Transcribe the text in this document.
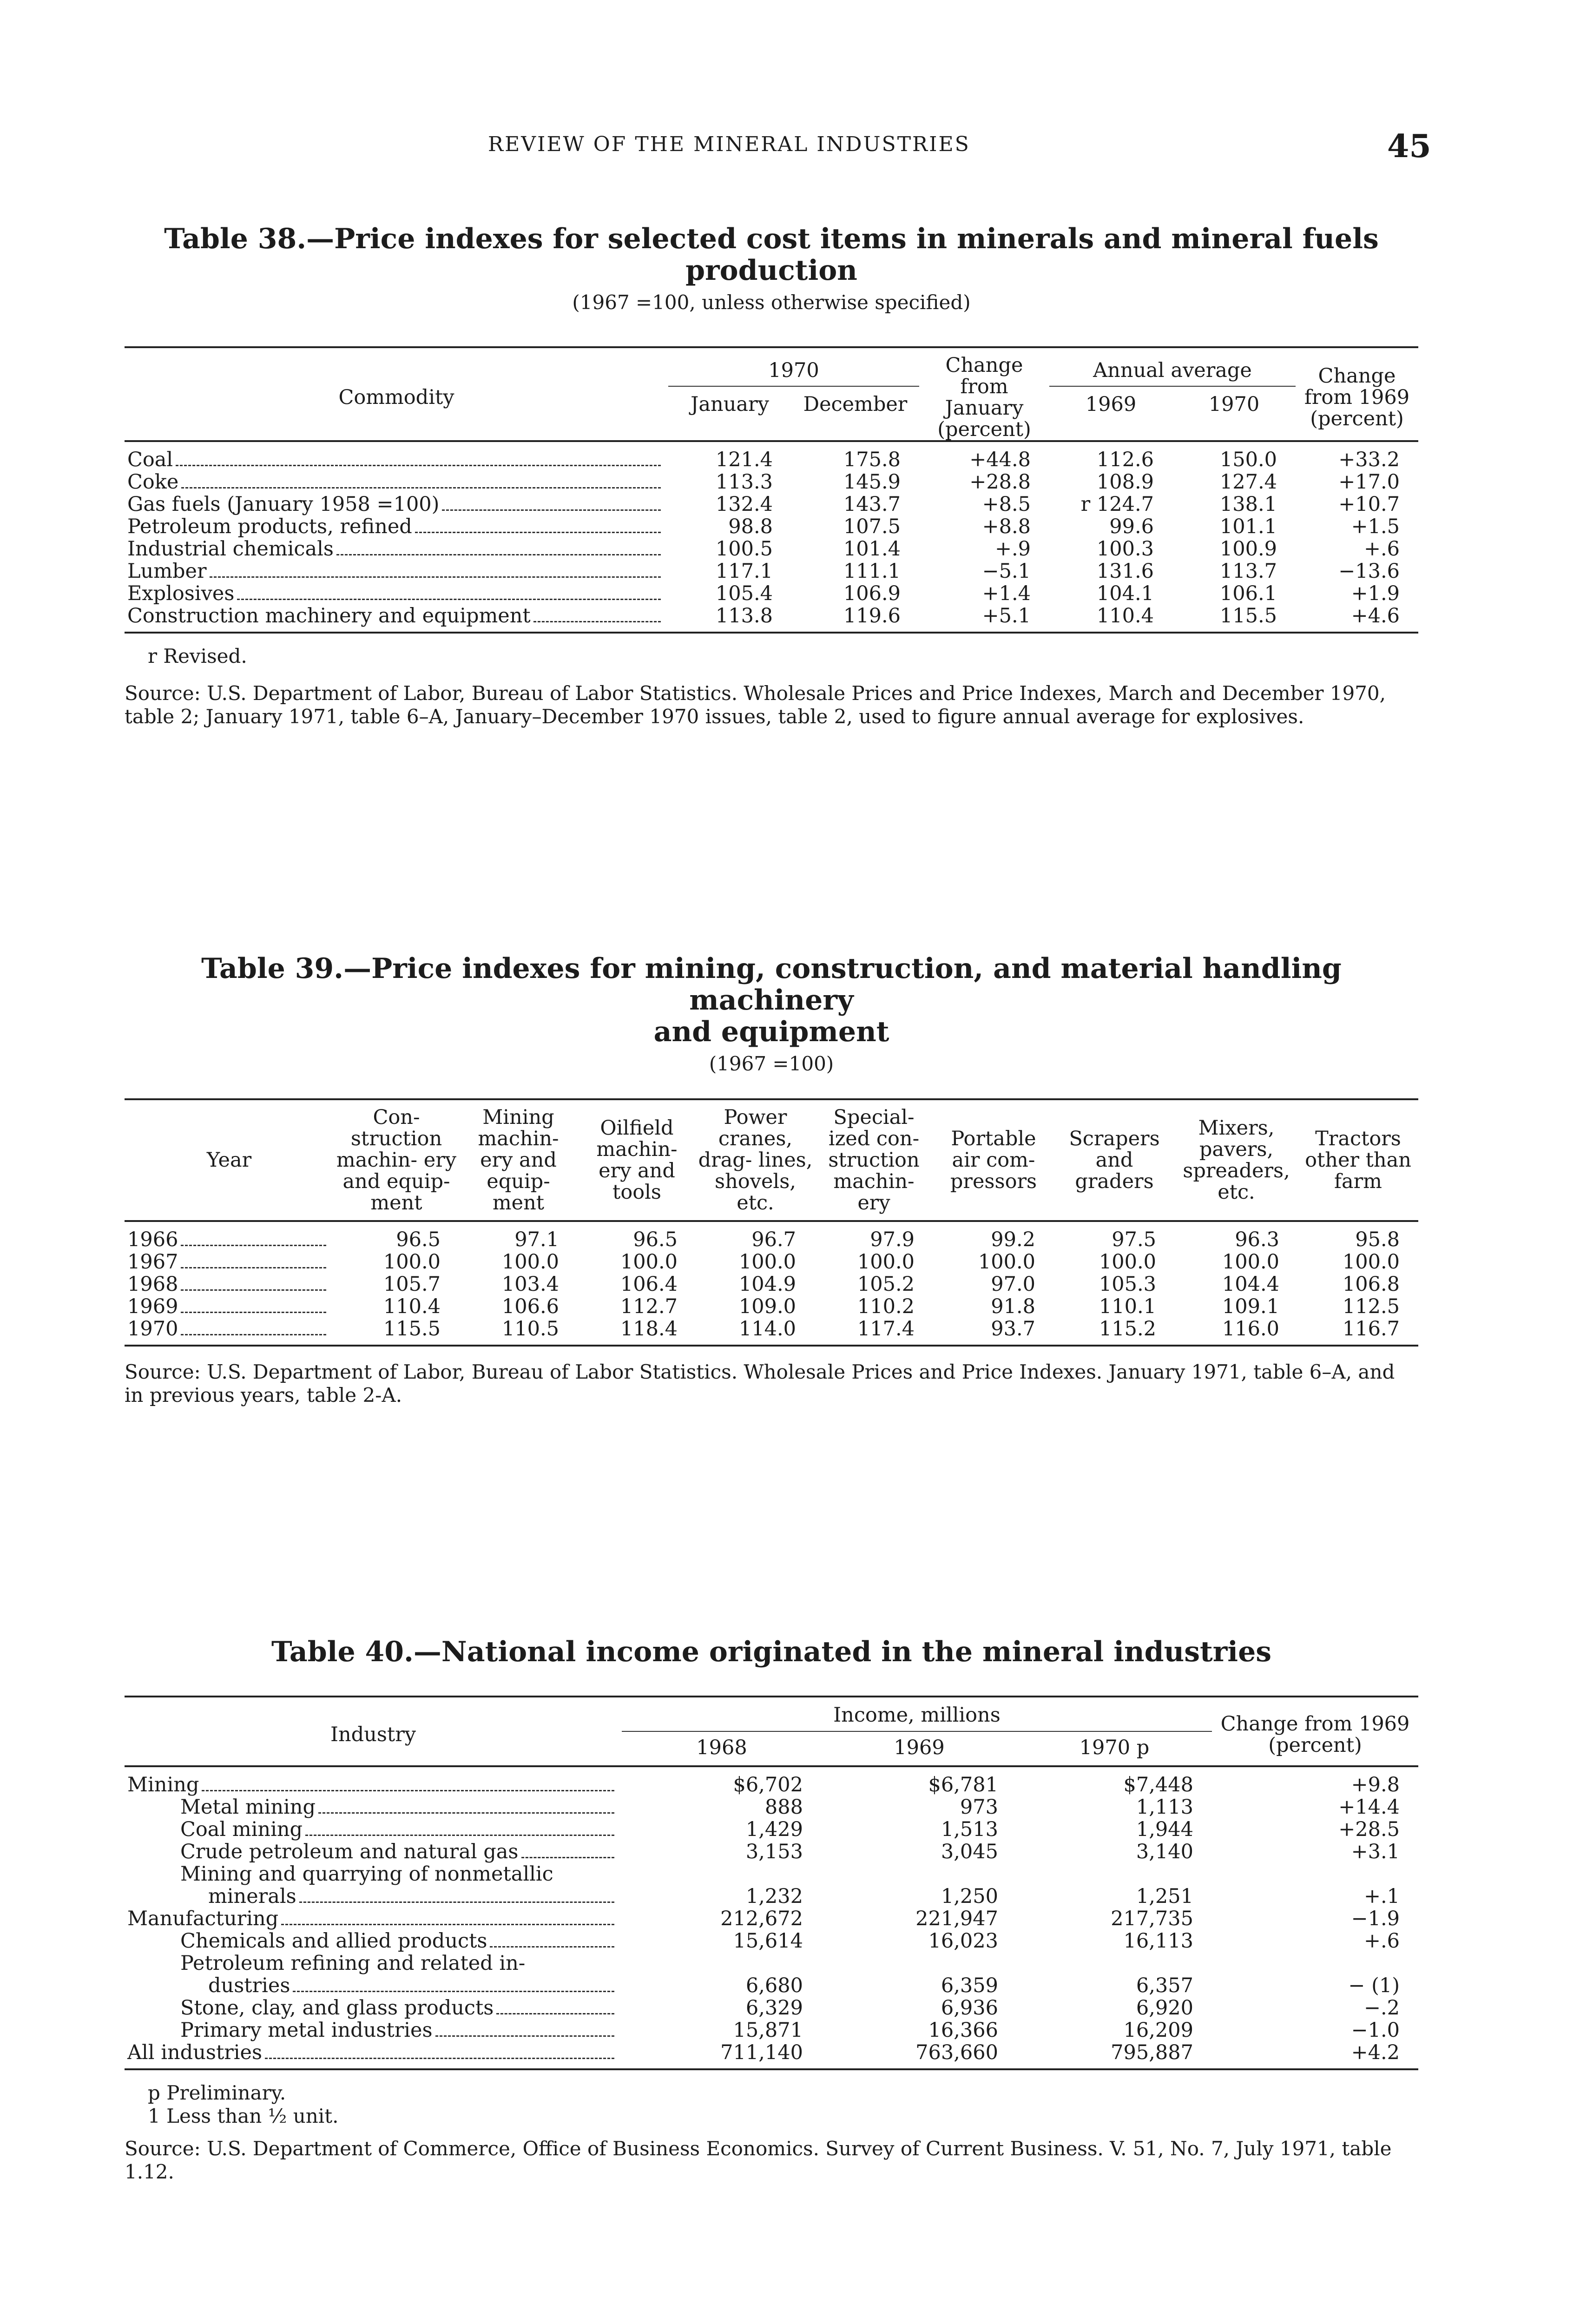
REVIEW OF THE MINERAL INDUSTRIES	45
Table 38.—Price indexes for selected cost items in minerals and mineral fuels production
(1967 =100, unless otherwise specified)
Commodity	1970		Change from January (percent)	Annual average		Change from 1969 (percent)
	January	December		1969	1970	

Coal	121.4	175.8	+44.8	112.6	150.0	+33.2

Coke	113.3	145.9	+28.8	108.9	127.4	+17.0

Gas fuels (January 1958 =100)	132.4	143.7	+8.5	r 124.7	138.1	+10.7

Petroleum products, refined	98.8	107.5	+8.8	99.6	101.1	+1.5

Industrial chemicals	100.5	101.4	+.9	100.3	100.9	+.6

Lumber	117.1	111.1	−5.1	131.6	113.7	−13.6

Explosives	105.4	106.9	+1.4	104.1	106.1	+1.9

Construction machinery and equipment	113.8	119.6	+5.1	110.4	115.5	+4.6

r Revised.

Source: U.S. Department of Labor, Bureau of Labor Statistics. Wholesale Prices and Price Indexes, March and December 1970, table 2; January 1971, table 6–A, January–December 1970 issues, table 2, used to figure annual average for explosives.

Table 39.—Price indexes for mining, construction, and material handling machinery
and equipment
(1967 =100)
Year	Con- struction machin- ery and equip- ment	Mining machin- ery and equip- ment	Oilfield machin- ery and tools	Power cranes, drag- lines, shovels, etc.	Special- ized con- struction machin- ery	Portable air com- pressors	Scrapers and graders	Mixers, pavers, spreaders, etc.	Tractors other than farm

1966	96.5	97.1	96.5	96.7	97.9	99.2	97.5	96.3	95.8

1967	100.0	100.0	100.0	100.0	100.0	100.0	100.0	100.0	100.0

1968	105.7	103.4	106.4	104.9	105.2	97.0	105.3	104.4	106.8

1969	110.4	106.6	112.7	109.0	110.2	91.8	110.1	109.1	112.5

1970	115.5	110.5	118.4	114.0	117.4	93.7	115.2	116.0	116.7

Source: U.S. Department of Labor, Bureau of Labor Statistics. Wholesale Prices and Price Indexes. January 1971, table 6–A, and in previous years, table 2-A.

Table 40.—National income originated in the mineral industries
Industry	Income, millions			Change from 1969 (percent)
	1968	1969	1970 p	

Mining	$6,702	$6,781	$7,448	+9.8

Metal mining	888	973	1,113	+14.4

Coal mining	1,429	1,513	1,944	+28.5

Crude petroleum and natural gas	3,153	3,045	3,140	+3.1

Mining and quarrying of nonmetallic				

minerals	1,232	1,250	1,251	+.1

Manufacturing	212,672	221,947	217,735	−1.9

Chemicals and allied products	15,614	16,023	16,113	+.6

Petroleum refining and related in-				

dustries	6,680	6,359	6,357	− (1)

Stone, clay, and glass products	6,329	6,936	6,920	−.2

Primary metal industries	15,871	16,366	16,209	−1.0

All industries	711,140	763,660	795,887	+4.2

p Preliminary.

1 Less than ½ unit.

Source: U.S. Department of Commerce, Office of Business Economics. Survey of Current Business. V. 51, No. 7, July 1971, table 1.12.
